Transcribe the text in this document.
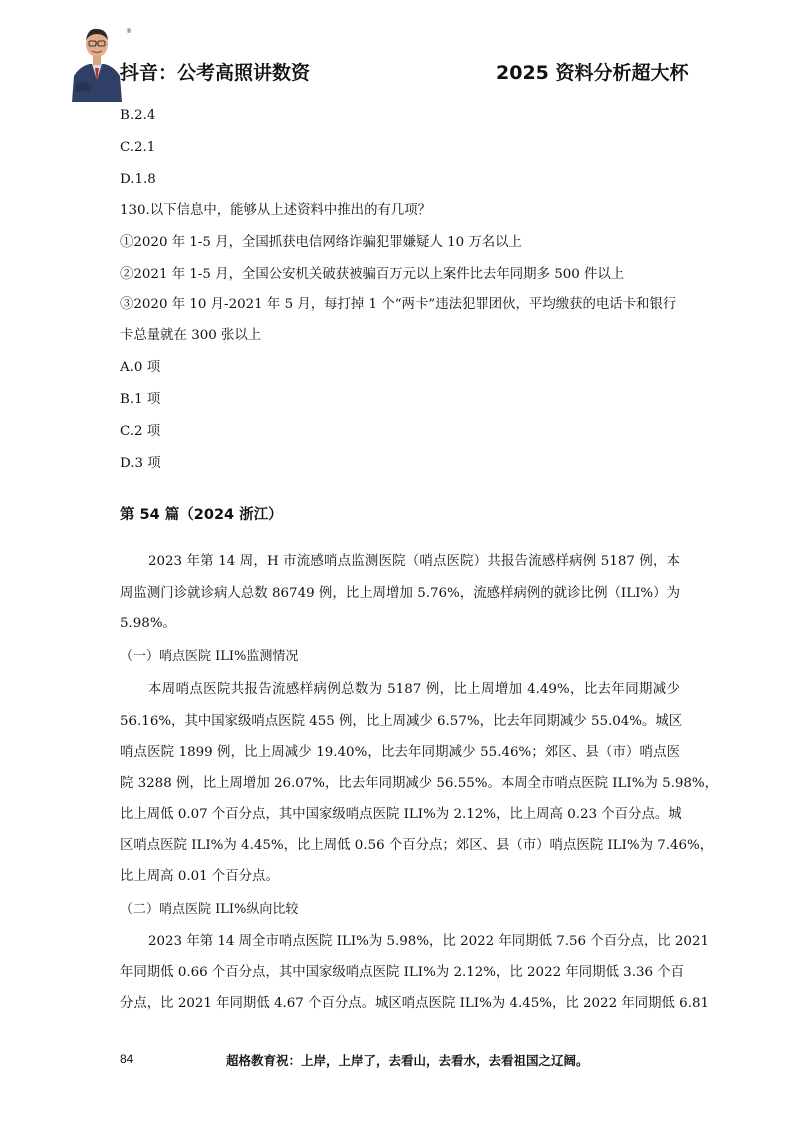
®
抖音：公考高照讲数资	2025 资料分析超大杯
B.2.4
C.2.1
D.1.8
130.以下信息中，能够从上述资料中推出的有几项？
①2020 年 1-5 月，全国抓获电信网络诈骗犯罪嫌疑人 10 万名以上
②2021 年 1-5 月，全国公安机关破获被骗百万元以上案件比去年同期多 500 件以上
③2020 年 10 月-2021 年 5 月，每打掉 1 个“两卡”违法犯罪团伙，平均缴获的电话卡和银行
卡总量就在 300 张以上
A.0 项
B.1 项
C.2 项
D.3 项
第 54 篇（2024 浙江）
2023 年第 14 周，H 市流感哨点监测医院（哨点医院）共报告流感样病例 5187 例，本
周监测门诊就诊病人总数 86749 例，比上周增加 5.76%，流感样病例的就诊比例（ILI%）为
5.98%。
（一）哨点医院 ILI%监测情况
本周哨点医院共报告流感样病例总数为 5187 例，比上周增加 4.49%，比去年同期减少
56.16%，其中国家级哨点医院 455 例，比上周减少 6.57%，比去年同期减少 55.04%。城区
哨点医院 1899 例，比上周减少 19.40%，比去年同期减少 55.46%；郊区、县（市）哨点医
院 3288 例，比上周增加 26.07%，比去年同期减少 56.55%。本周全市哨点医院 ILI%为 5.98%，
比上周低 0.07 个百分点，其中国家级哨点医院 ILI%为 2.12%，比上周高 0.23 个百分点。城
区哨点医院 ILI%为 4.45%，比上周低 0.56 个百分点；郊区、县（市）哨点医院 ILI%为 7.46%，
比上周高 0.01 个百分点。
（二）哨点医院 ILI%纵向比较
2023 年第 14 周全市哨点医院 ILI%为 5.98%，比 2022 年同期低 7.56 个百分点，比 2021
年同期低 0.66 个百分点，其中国家级哨点医院 ILI%为 2.12%，比 2022 年同期低 3.36 个百
分点，比 2021 年同期低 4.67 个百分点。城区哨点医院 ILI%为 4.45%，比 2022 年同期低 6.81
84	超格教育祝：上岸，上岸了，去看山，去看水，去看祖国之辽阔。
